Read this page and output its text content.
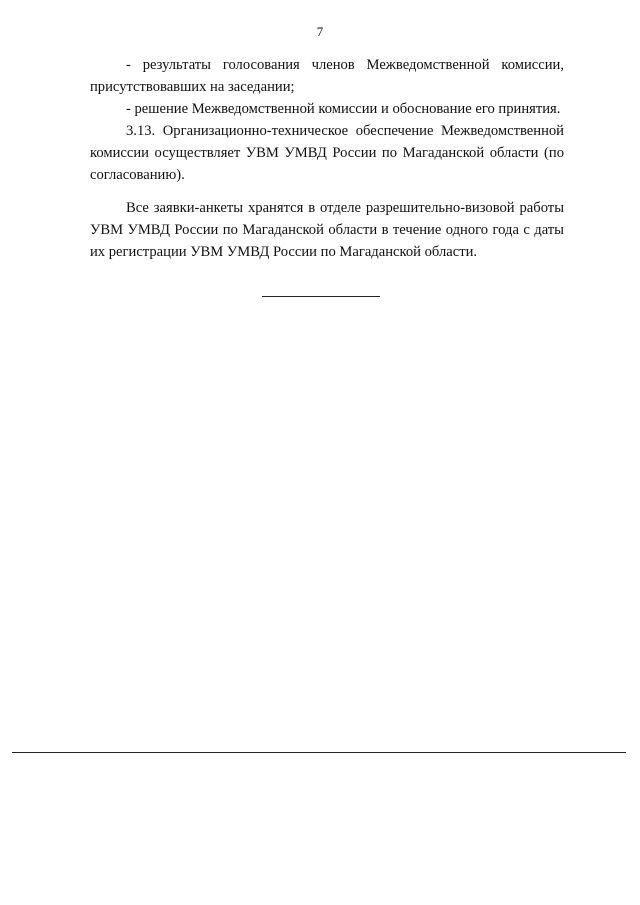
7

- результаты голосования членов Межведомственной комиссии, присутствовавших на заседании;

- решение Межведомственной комиссии и обоснование его принятия.

3.13. Организационно-техническое обеспечение Межведомственной комиссии осуществляет УВМ УМВД России по Магаданской области (по согласованию).

Все заявки-анкеты хранятся в отделе разрешительно-визовой работы УВМ УМВД России по Магаданской области в течение одного года с даты их регистрации УВМ УМВД России по Магаданской области.
